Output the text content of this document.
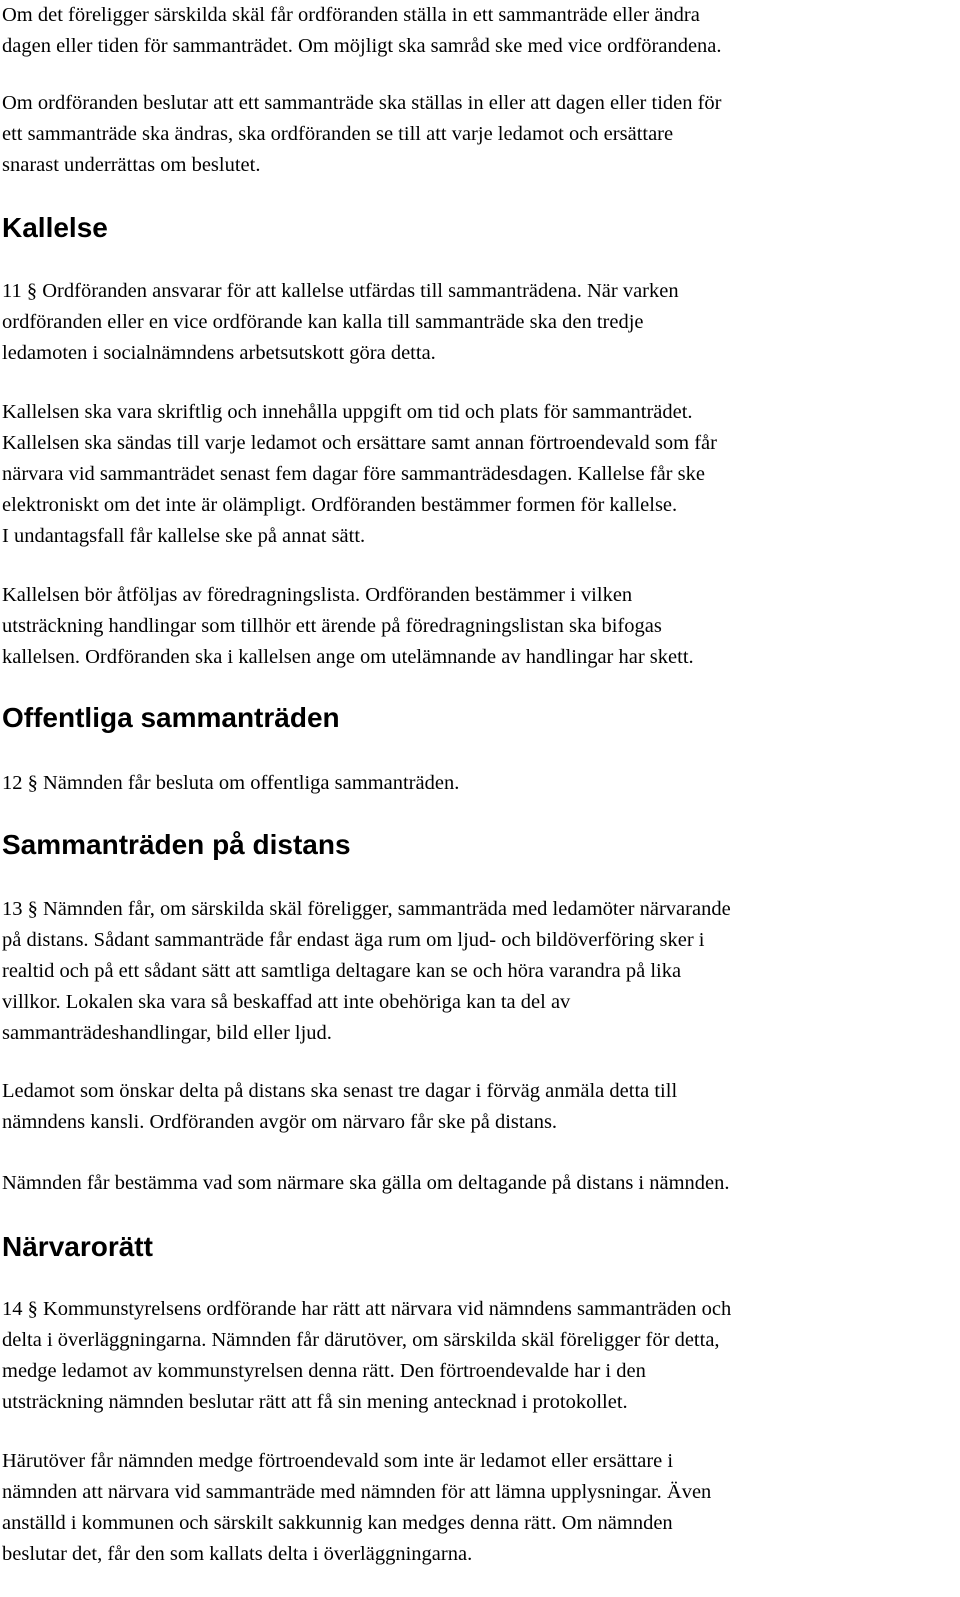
Om det föreligger särskilda skäl får ordföranden ställa in ett sammanträde eller ändra
dagen eller tiden för sammanträdet. Om möjligt ska samråd ske med vice ordförandena.

Om ordföranden beslutar att ett sammanträde ska ställas in eller att dagen eller tiden för
ett sammanträde ska ändras, ska ordföranden se till att varje ledamot och ersättare
snarast underrättas om beslutet.

Kallelse

11 § Ordföranden ansvarar för att kallelse utfärdas till sammanträdena. När varken
ordföranden eller en vice ordförande kan kalla till sammanträde ska den tredje
ledamoten i socialnämndens arbetsutskott göra detta.

Kallelsen ska vara skriftlig och innehålla uppgift om tid och plats för sammanträdet.
Kallelsen ska sändas till varje ledamot och ersättare samt annan förtroendevald som får
närvara vid sammanträdet senast fem dagar före sammanträdesdagen. Kallelse får ske
elektroniskt om det inte är olämpligt. Ordföranden bestämmer formen för kallelse.
I undantagsfall får kallelse ske på annat sätt.

Kallelsen bör åtföljas av föredragningslista. Ordföranden bestämmer i vilken
utsträckning handlingar som tillhör ett ärende på föredragningslistan ska bifogas
kallelsen. Ordföranden ska i kallelsen ange om utelämnande av handlingar har skett.

Offentliga sammanträden

12 § Nämnden får besluta om offentliga sammanträden.

Sammanträden på distans

13 § Nämnden får, om särskilda skäl föreligger, sammanträda med ledamöter närvarande
på distans. Sådant sammanträde får endast äga rum om ljud- och bildöverföring sker i
realtid och på ett sådant sätt att samtliga deltagare kan se och höra varandra på lika
villkor. Lokalen ska vara så beskaffad att inte obehöriga kan ta del av
sammanträdeshandlingar, bild eller ljud.

Ledamot som önskar delta på distans ska senast tre dagar i förväg anmäla detta till
nämndens kansli. Ordföranden avgör om närvaro får ske på distans.

Nämnden får bestämma vad som närmare ska gälla om deltagande på distans i nämnden.

Närvarorätt

14 § Kommunstyrelsens ordförande har rätt att närvara vid nämndens sammanträden och
delta i överläggningarna. Nämnden får därutöver, om särskilda skäl föreligger för detta,
medge ledamot av kommunstyrelsen denna rätt. Den förtroendevalde har i den
utsträckning nämnden beslutar rätt att få sin mening antecknad i protokollet.

Härutöver får nämnden medge förtroendevald som inte är ledamot eller ersättare i
nämnden att närvara vid sammanträde med nämnden för att lämna upplysningar. Även
anställd i kommunen och särskilt sakkunnig kan medges denna rätt. Om nämnden
beslutar det, får den som kallats delta i överläggningarna.
